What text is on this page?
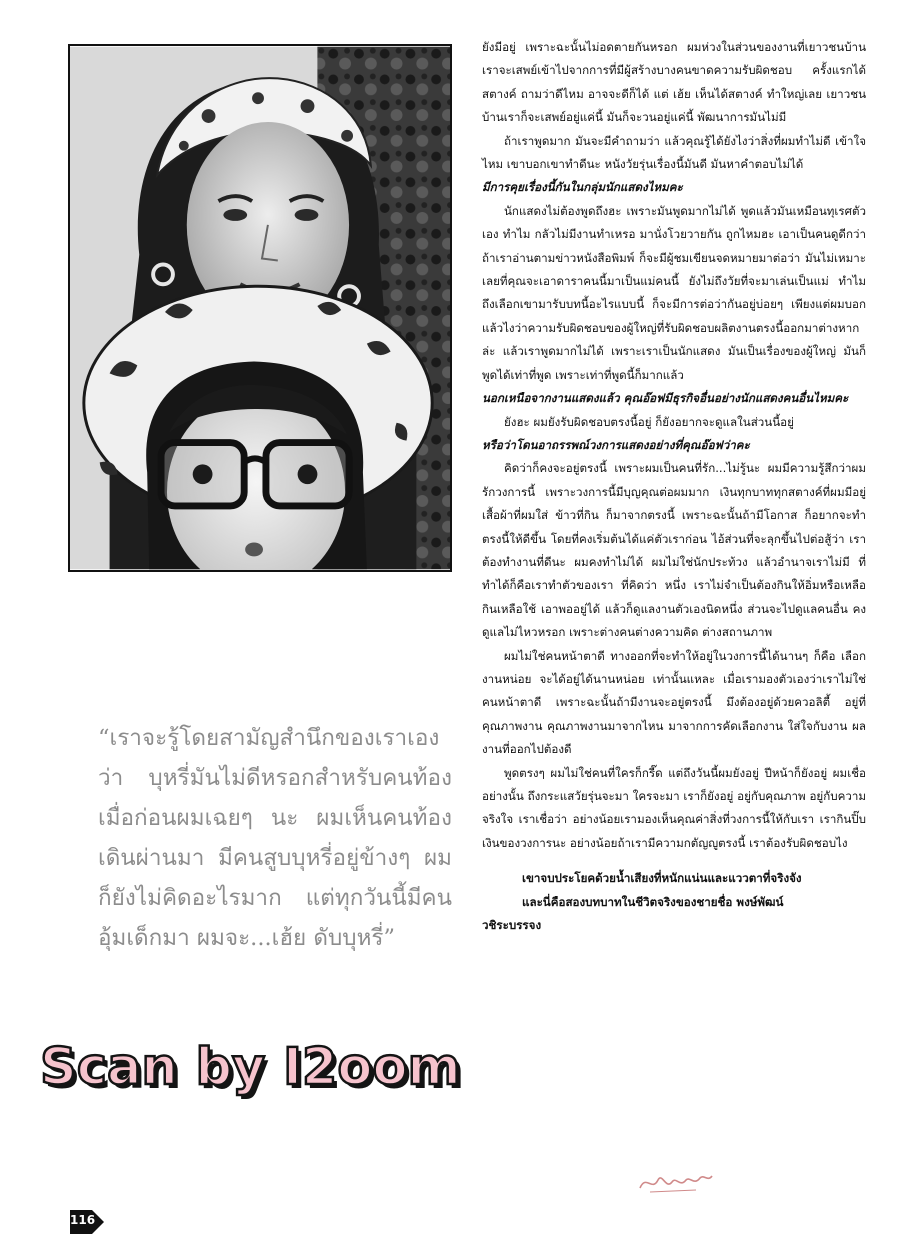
“เราจะรู้โดยสามัญสำนึกของเราเองว่า บุหรี่มันไม่ดีหรอกสำหรับคนท้อง เมื่อก่อนผมเฉยๆ นะ ผมเห็นคนท้องเดินผ่านมา มีคนสูบบุหรี่อยู่ข้างๆ ผมก็ยังไม่คิดอะไรมาก แต่ทุกวันนี้มีคนอุ้มเด็กมา ผมจะ...เฮ้ย ดับบุหรี่”
Scan by I2oom

ยังมีอยู่ เพราะฉะนั้นไม่อดตายกันหรอก ผมห่วงในส่วนของงานที่เยาวชนบ้านเราจะเสพย์เข้าไปจากการที่มีผู้สร้างบางคนขาดความรับผิดชอบ ครั้งแรกได้สตางค์ ถามว่าดีไหม อาจจะดีก็ได้ แต่ เฮ้ย เห็นได้สตางค์ ทำใหญ่เลย เยาวชนบ้านเราก็จะเสพย์อยู่แค่นี้ มันก็จะวนอยู่แค่นี้ พัฒนาการมันไม่มี

ถ้าเราพูดมาก มันจะมีคำถามว่า แล้วคุณรู้ได้ยังไงว่าสิ่งที่ผมทำไม่ดี เข้าใจไหม เขาบอกเขาทำดีนะ หนังวัยรุ่นเรื่องนี้มันดี มันหาคำตอบไม่ได้

มีการคุยเรื่องนี้กันในกลุ่มนักแสดงไหมคะ

นักแสดงไม่ต้องพูดถึงฮะ เพราะมันพูดมากไม่ได้ พูดแล้วมันเหมือนทุเรศตัวเอง ทำไม กลัวไม่มีงานทำเหรอ มานั่งโวยวายกัน ถูกไหมฮะ เอาเป็นคนดูดีกว่า ถ้าเราอ่านตามข่าวหนังสือพิมพ์ ก็จะมีผู้ชมเขียนจดหมายมาต่อว่า มันไม่เหมาะเลยที่คุณจะเอาดาราคนนี้มาเป็นแม่คนนี้ ยังไม่ถึงวัยที่จะมาเล่นเป็นแม่ ทำไมถึงเลือกเขามารับบทนี้อะไรแบบนี้ ก็จะมีการต่อว่ากันอยู่บ่อยๆ เพียงแต่ผมบอกแล้วไงว่าความรับผิดชอบของผู้ใหญ่ที่รับผิดชอบผลิตงานตรงนี้ออกมาต่างหากล่ะ แล้วเราพูดมากไม่ได้ เพราะเราเป็นนักแสดง มันเป็นเรื่องของผู้ใหญ่ มันก็พูดได้เท่าที่พูด เพราะเท่าที่พูดนี้ก็มากแล้ว

นอกเหนือจากงานแสดงแล้ว คุณอ๊อฟมีธุรกิจอื่นอย่างนักแสดงคนอื่นไหมคะ

ยังฮะ ผมยังรับผิดชอบตรงนี้อยู่ ก็ยังอยากจะดูแลในส่วนนี้อยู่

หรือว่าโดนอาถรรพณ์วงการแสดงอย่างที่คุณอ๊อฟว่าคะ

คิดว่าก็คงจะอยู่ตรงนี้ เพราะผมเป็นคนที่รัก...ไม่รู้นะ ผมมีความรู้สึกว่าผมรักวงการนี้ เพราะวงการนี้มีบุญคุณต่อผมมาก เงินทุกบาททุกสตางค์ที่ผมมีอยู่ เสื้อผ้าที่ผมใส่ ข้าวที่กิน ก็มาจากตรงนี้ เพราะฉะนั้นถ้ามีโอกาส ก็อยากจะทำตรงนี้ให้ดีขึ้น โดยที่คงเริ่มต้นได้แค่ตัวเราก่อน ไอ้ส่วนที่จะลุกขึ้นไปต่อสู้ว่า เราต้องทำงานที่ดีนะ ผมคงทำไม่ได้ ผมไม่ใช่นักประท้วง แล้วอำนาจเราไม่มี ที่ทำได้ก็คือเราทำตัวของเรา ที่คิดว่า หนึ่ง เราไม่จำเป็นต้องกินให้อิ่มหรือเหลือกินเหลือใช้ เอาพออยู่ได้ แล้วก็ดูแลงานตัวเองนิดหนึ่ง ส่วนจะไปดูแลคนอื่น คงดูแลไม่ไหวหรอก เพราะต่างคนต่างความคิด ต่างสถานภาพ

ผมไม่ใช่คนหน้าตาดี ทางออกที่จะทำให้อยู่ในวงการนี้ได้นานๆ ก็คือ เลือกงานหน่อย จะได้อยู่ได้นานหน่อย เท่านั้นแหละ เมื่อเรามองตัวเองว่าเราไม่ใช่คนหน้าตาดี เพราะฉะนั้นถ้ามีงานจะอยู่ตรงนี้ มึงต้องอยู่ด้วยควอลิตี้ อยู่ที่คุณภาพงาน คุณภาพงานมาจากไหน มาจากการคัดเลือกงาน ใส่ใจกับงาน ผลงานที่ออกไปต้องดี

พูดตรงๆ ผมไม่ใช่คนที่ใครก็กรี๊ด แต่ถึงวันนี้ผมยังอยู่ ปีหน้าก็ยังอยู่ ผมเชื่ออย่างนั้น ถึงกระแสวัยรุ่นจะมา ใครจะมา เราก็ยังอยู่ อยู่กับคุณภาพ อยู่กับความจริงใจ เราเชื่อว่า อย่างน้อยเรามองเห็นคุณค่าสิ่งที่วงการนี้ให้กับเรา เรากินปิ๊บ เงินของวงการนะ อย่างน้อยถ้าเรามีความกตัญญูตรงนี้ เราต้องรับผิดชอบไง

เขาจบประโยคด้วยน้ำเสียงที่หนักแน่นและแววตาที่จริงจัง

และนี่คือสองบทบาทในชีวิตจริงของชายชื่อ พงษ์พัฒน์

วชิระบรรจง

116
